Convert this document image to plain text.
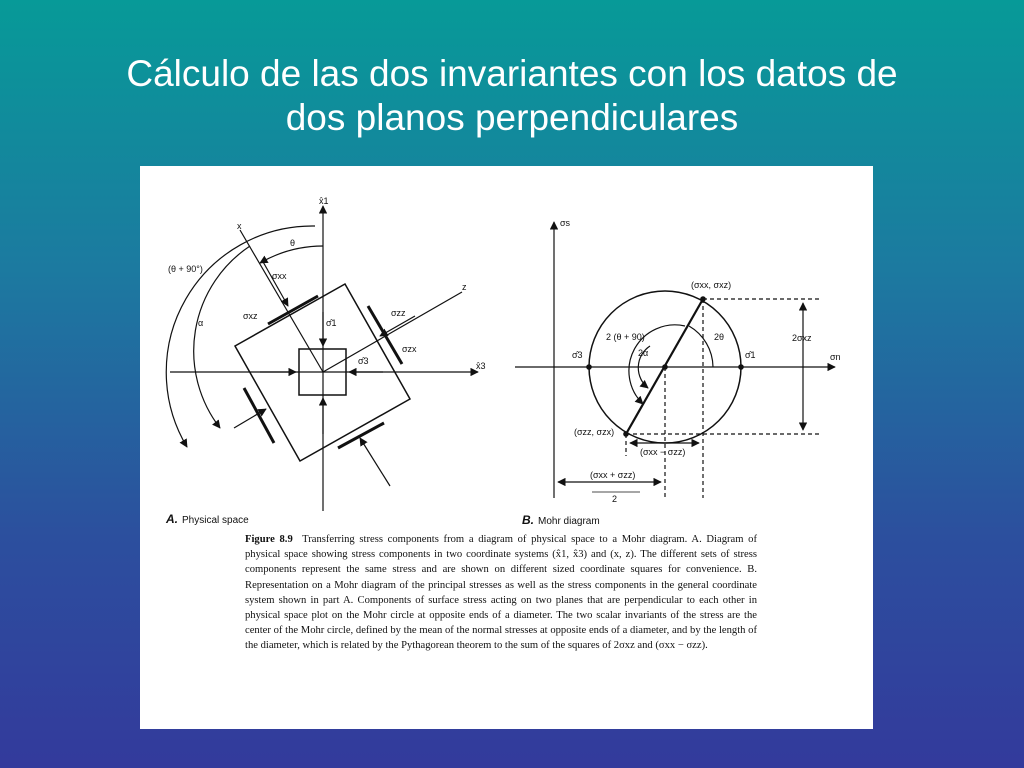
Cálculo de las dos invariantes con los datos de
dos planos perpendiculares
x̂1
x̂3
x
z
θ
(θ + 90°)
α
σxx
σxz	σzz
σzx
σ̂1
σ̂3
σs
σn
(σxx, σxz)
(σzz, σzx)
2 (θ + 90)
2α
2θ	2σxz
σ̂3	σ̂1
(σxx − σzz)
(σxx + σzz)
2
A. Physical space	B. Mohr diagram
Figure 8.9 Transferring stress components from a diagram of physical space to a Mohr diagram. A. Diagram of physical space showing stress components in two coordinate systems (x̂1, x̂3) and (x, z). The different sets of stress components represent the same stress and are shown on different sized coordinate squares for convenience. B. Representation on a Mohr diagram of the principal stresses as well as the stress components in the general coordinate system shown in part A. Components of surface stress acting on two planes that are perpendicular to each other in physical space plot on the Mohr circle at opposite ends of a diameter. The two scalar invariants of the stress are the center of the Mohr circle, defined by the mean of the normal stresses at opposite ends of a diameter, and by the length of the diameter, which is related by the Pythagorean theorem to the sum of the squares of 2σxz and (σxx − σzz).
